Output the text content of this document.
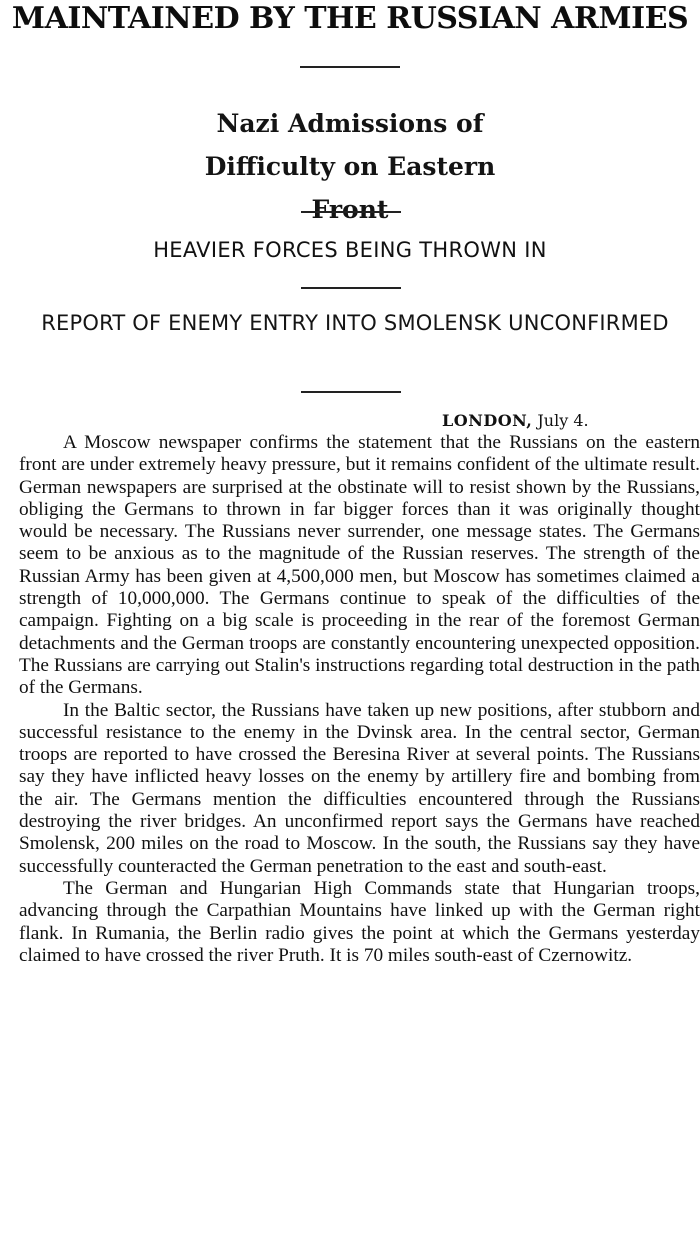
MAINTAINED BY THE RUSSIAN ARMIES
Nazi Admissions of Difficulty on Eastern Front
HEAVIER FORCES BEING THROWN IN
REPORT OF ENEMY ENTRY INTO SMOLENSK UNCONFIRMED
LONDON, July 4.

A Moscow newspaper confirms the statement that the Russians on the eastern front are under extremely heavy pressure, but it remains confident of the ultimate result. German newspapers are surprised at the obstinate will to resist shown by the Russians, obliging the Germans to thrown in far bigger forces than it was originally thought would be necessary. The Russians never surrender, one message states. The Germans seem to be anxious as to the magnitude of the Russian reserves. The strength of the Russian Army has been given at 4,500,000 men, but Moscow has sometimes claimed a strength of 10,000,000. The Germans continue to speak of the difficulties of the campaign. Fighting on a big scale is proceeding in the rear of the foremost German detachments and the German troops are constantly encountering unexpected opposition. The Russians are carrying out Stalin's instructions regarding total destruction in the path of the Germans.

In the Baltic sector, the Russians have taken up new positions, after stubborn and successful resistance to the enemy in the Dvinsk area. In the central sector, German troops are reported to have crossed the Beresina River at several points. The Russians say they have inflicted heavy losses on the enemy by artillery fire and bombing from the air. The Germans mention the difficulties encountered through the Russians destroying the river bridges. An unconfirmed report says the Germans have reached Smolensk, 200 miles on the road to Moscow. In the south, the Russians say they have successfully counteracted the German penetration to the east and south-east.

The German and Hungarian High Commands state that Hungarian troops, advancing through the Carpathian Mountains have linked up with the German right flank. In Rumania, the Berlin radio gives the point at which the Germans yesterday claimed to have crossed the river Pruth. It is 70 miles south-east of Czernowitz.
